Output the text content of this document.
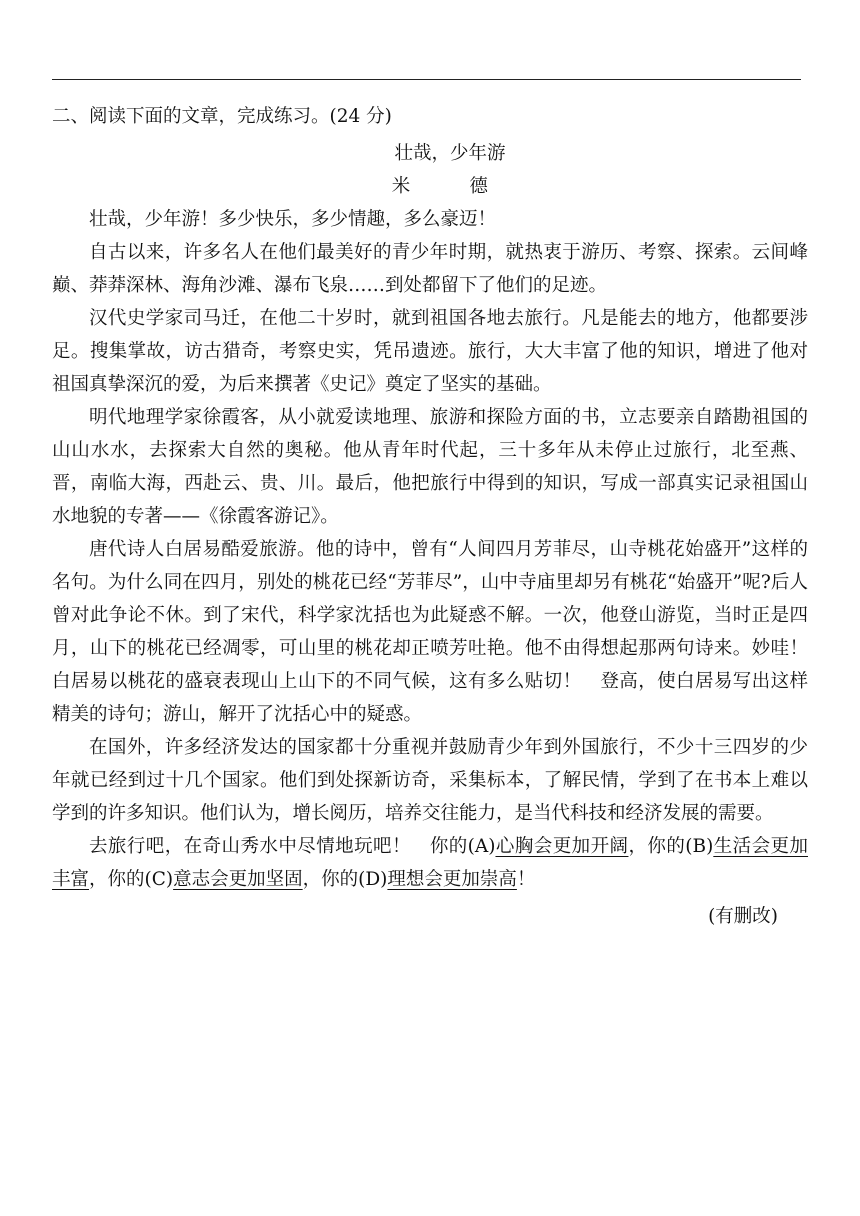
二、阅读下面的文章，完成练习。(24 分)

壮哉，少年游

米　德

壮哉，少年游！多少快乐，多少情趣，多么豪迈！

自古以来，许多名人在他们最美好的青少年时期，就热衷于游历、考察、探索。云间峰巅、莽莽深林、海角沙滩、瀑布飞泉……到处都留下了他们的足迹。

汉代史学家司马迁，在他二十岁时，就到祖国各地去旅行。凡是能去的地方，他都要涉足。搜集掌故，访古猎奇，考察史实，凭吊遗迹。旅行，大大丰富了他的知识，增进了他对祖国真挚深沉的爱，为后来撰著《史记》奠定了坚实的基础。

明代地理学家徐霞客，从小就爱读地理、旅游和探险方面的书，立志要亲自踏勘祖国的山山水水，去探索大自然的奥秘。他从青年时代起，三十多年从未停止过旅行，北至燕、晋，南临大海，西赴云、贵、川。最后，他把旅行中得到的知识，写成一部真实记录祖国山水地貌的专著——《徐霞客游记》。

唐代诗人白居易酷爱旅游。他的诗中，曾有“人间四月芳菲尽，山寺桃花始盛开”这样的名句。为什么同在四月，别处的桃花已经“芳菲尽”，山中寺庙里却另有桃花“始盛开”呢?后人曾对此争论不休。到了宋代，科学家沈括也为此疑惑不解。一次，他登山游览，当时正是四月，山下的桃花已经凋零，可山里的桃花却正喷芳吐艳。他不由得想起那两句诗来。妙哇！　白居易以桃花的盛衰表现山上山下的不同气候，这有多么贴切！　登高，使白居易写出这样精美的诗句；游山，解开了沈括心中的疑惑。

在国外，许多经济发达的国家都十分重视并鼓励青少年到外国旅行，不少十三四岁的少年就已经到过十几个国家。他们到处探新访奇，采集标本，了解民情，学到了在书本上难以学到的许多知识。他们认为，增长阅历，培养交往能力，是当代科技和经济发展的需要。

去旅行吧，在奇山秀水中尽情地玩吧！　你的(A)心胸会更加开阔，你的(B)生活会更加丰富，你的(C)意志会更加坚固，你的(D)理想会更加崇高！

(有删改)
